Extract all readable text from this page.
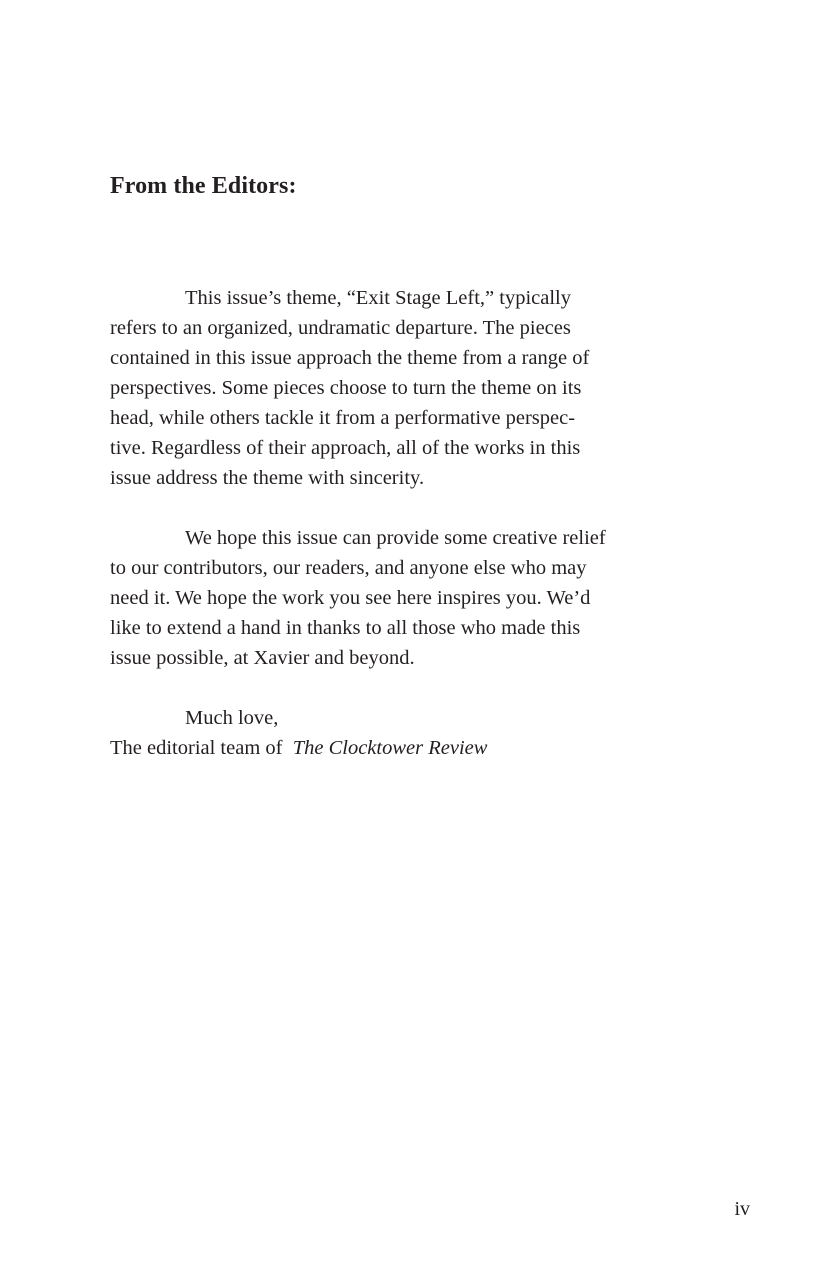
From the Editors:
This issue’s theme, “Exit Stage Left,” typically
refers to an organized, undramatic departure. The pieces
contained in this issue approach the theme from a range of
perspectives. Some pieces choose to turn the theme on its
head, while others tackle it from a performative perspec-
tive. Regardless of their approach, all of the works in this
issue address the theme with sincerity.
We hope this issue can provide some creative relief
to our contributors, our readers, and anyone else who may
need it. We hope the work you see here inspires you. We’d
like to extend a hand in thanks to all those who made this
issue possible, at Xavier and beyond.
Much love,
The editorial team of The Clocktower Review
iv
